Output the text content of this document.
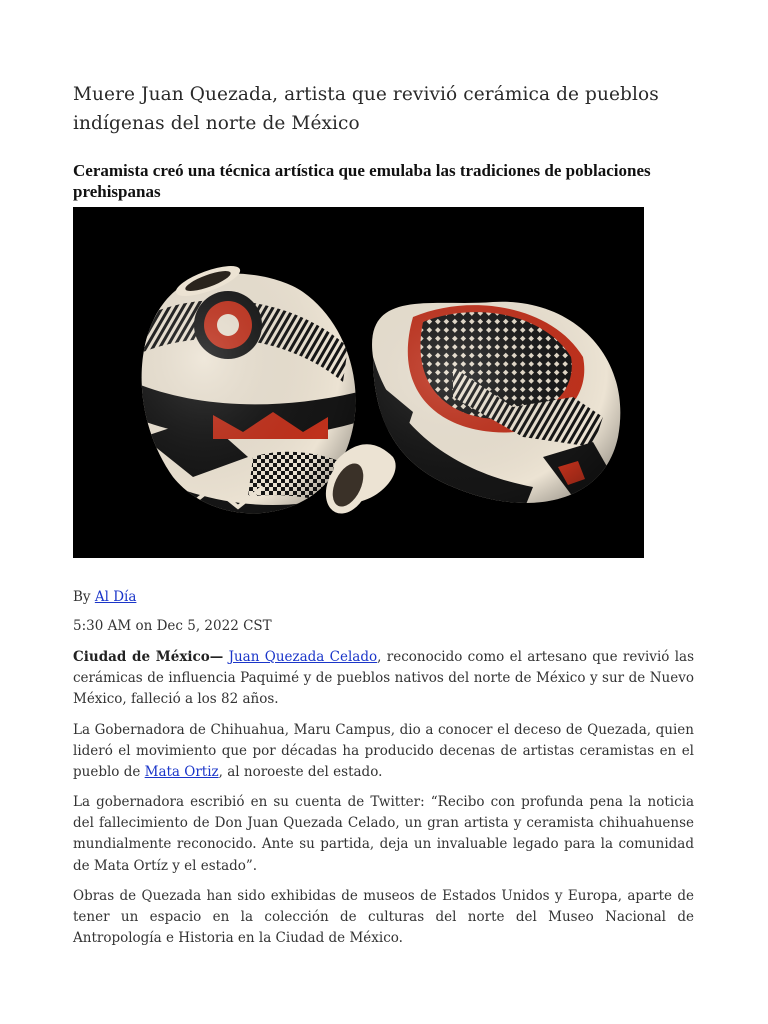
Muere Juan Quezada, artista que revivió cerámica de pueblos indígenas del norte de México
Ceramista creó una técnica artística que emulaba las tradiciones de poblaciones prehispanas
By Al Día
5:30 AM on Dec 5, 2022 CST

Ciudad de México— Juan Quezada Celado, reconocido como el artesano que revivió las cerámicas de influencia Paquimé y de pueblos nativos del norte de México y sur de Nuevo México, falleció a los 82 años.

La Gobernadora de Chihuahua, Maru Campus, dio a conocer el deceso de Quezada, quien lideró el movimiento que por décadas ha producido decenas de artistas ceramistas en el pueblo de Mata Ortiz, al noroeste del estado.

La gobernadora escribió en su cuenta de Twitter: “Recibo con profunda pena la noticia del fallecimiento de Don Juan Quezada Celado, un gran artista y ceramista chihuahuense mundialmente reconocido. Ante su partida, deja un invaluable legado para la comunidad de Mata Ortíz y el estado”.

Obras de Quezada han sido exhibidas de museos de Estados Unidos y Europa, aparte de tener un espacio en la colección de culturas del norte del Museo Nacional de Antropología e Historia en la Ciudad de México.
